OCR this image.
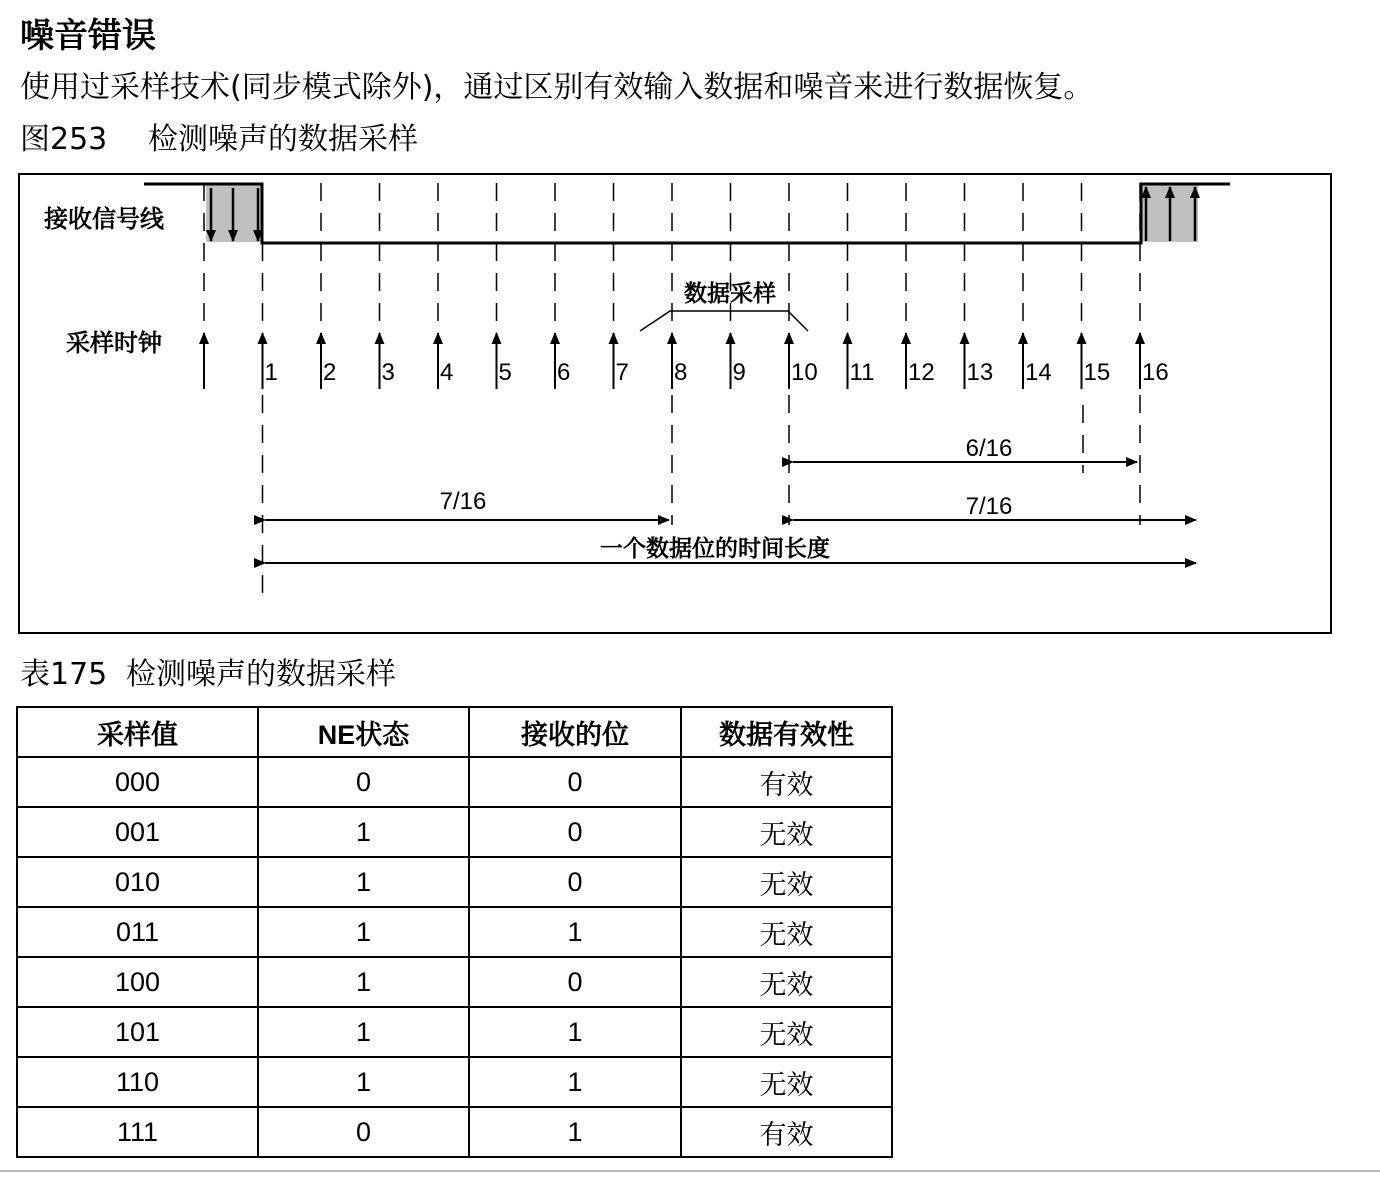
噪音错误

使用过采样技术(同步模式除外)，通过区别有效输入数据和噪音来进行数据恢复。

图253 检测噪声的数据采样

接收信号线
采样时钟
1 2 3 4 5 6 7 8 9 10 11 12 13 14 15 16
数据采样
6/16
7/16	7/16
一个数据位的时间长度

表175 检测噪声的数据采样

采样值	NE状态	接收的位	数据有效性
000	0	0	有效
001	1	0	无效
010	1	0	无效
011	1	1	无效
100	1	0	无效
101	1	1	无效
110	1	1	无效
111	0	1	有效
